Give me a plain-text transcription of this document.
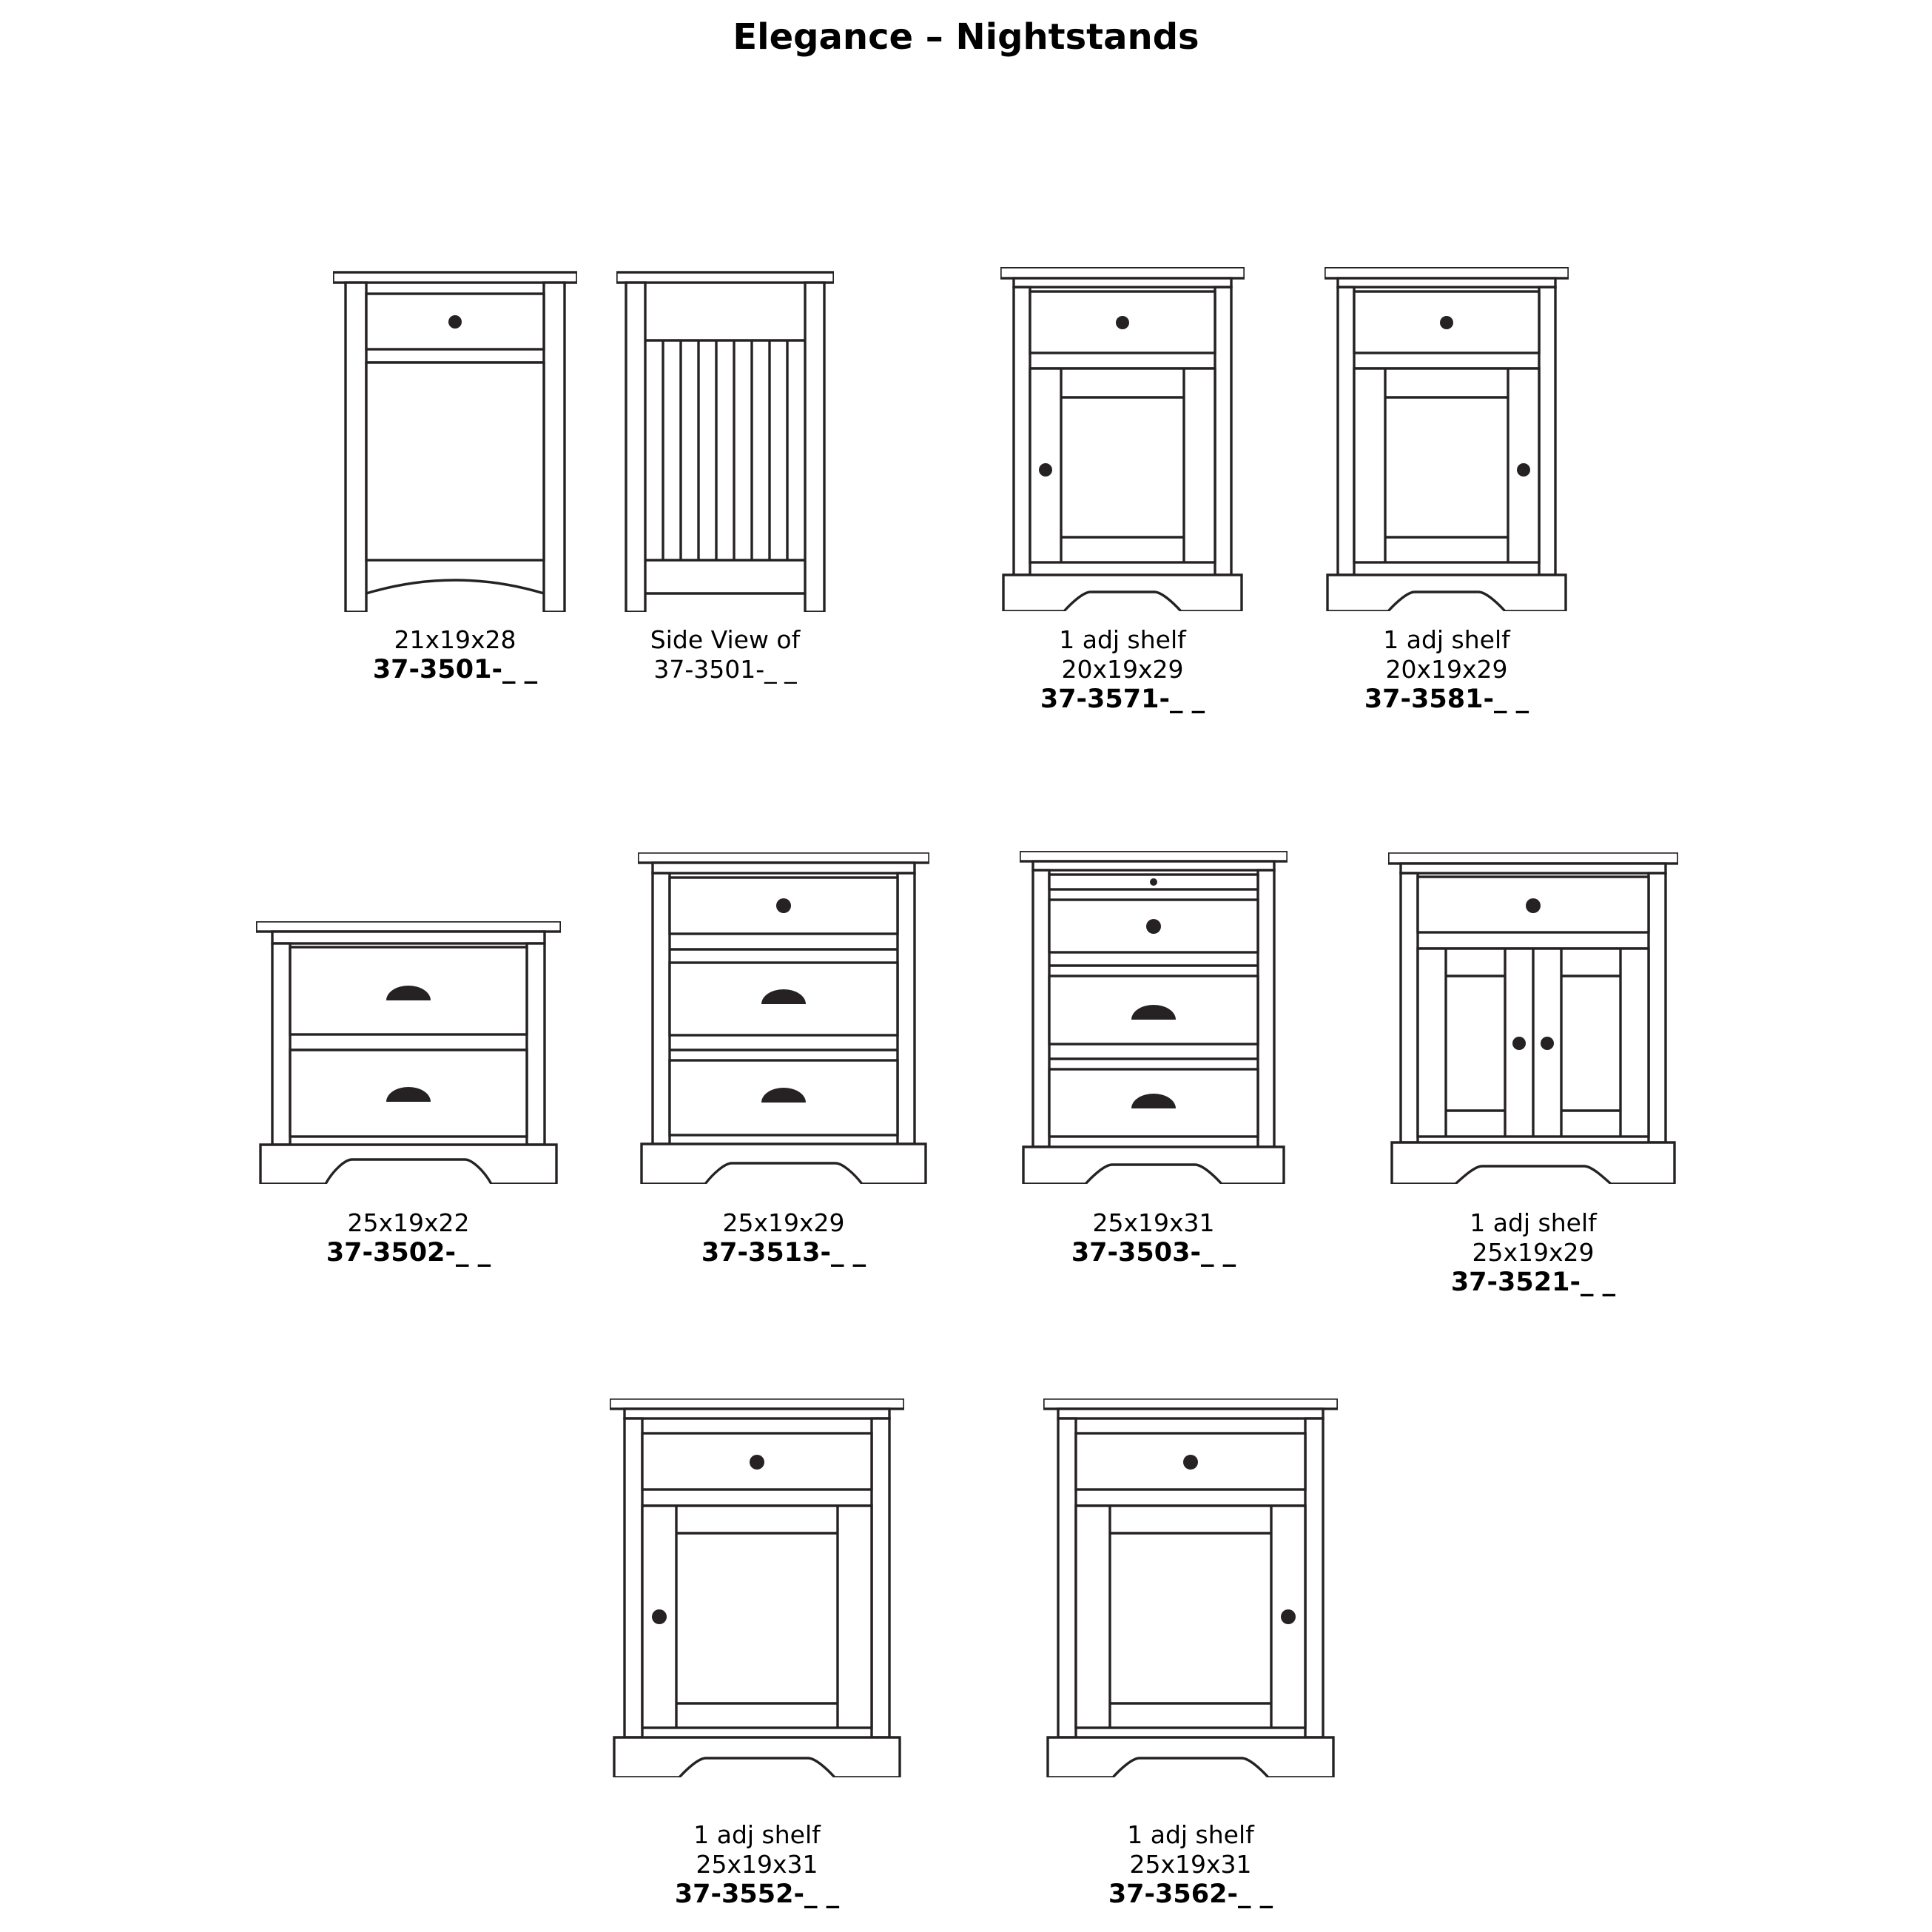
Elegance – Nightstands
21x19x28
37-3501-_ _
Side View of
37-3501-_ _
1 adj shelf
20x19x29
37-3571-_ _
1 adj shelf
20x19x29
37-3581-_ _
25x19x22
37-3502-_ _
25x19x29
37-3513-_ _
25x19x31
37-3503-_ _
1 adj shelf
25x19x29
37-3521-_ _
1 adj shelf
25x19x31
37-3552-_ _
1 adj shelf
25x19x31
37-3562-_ _
